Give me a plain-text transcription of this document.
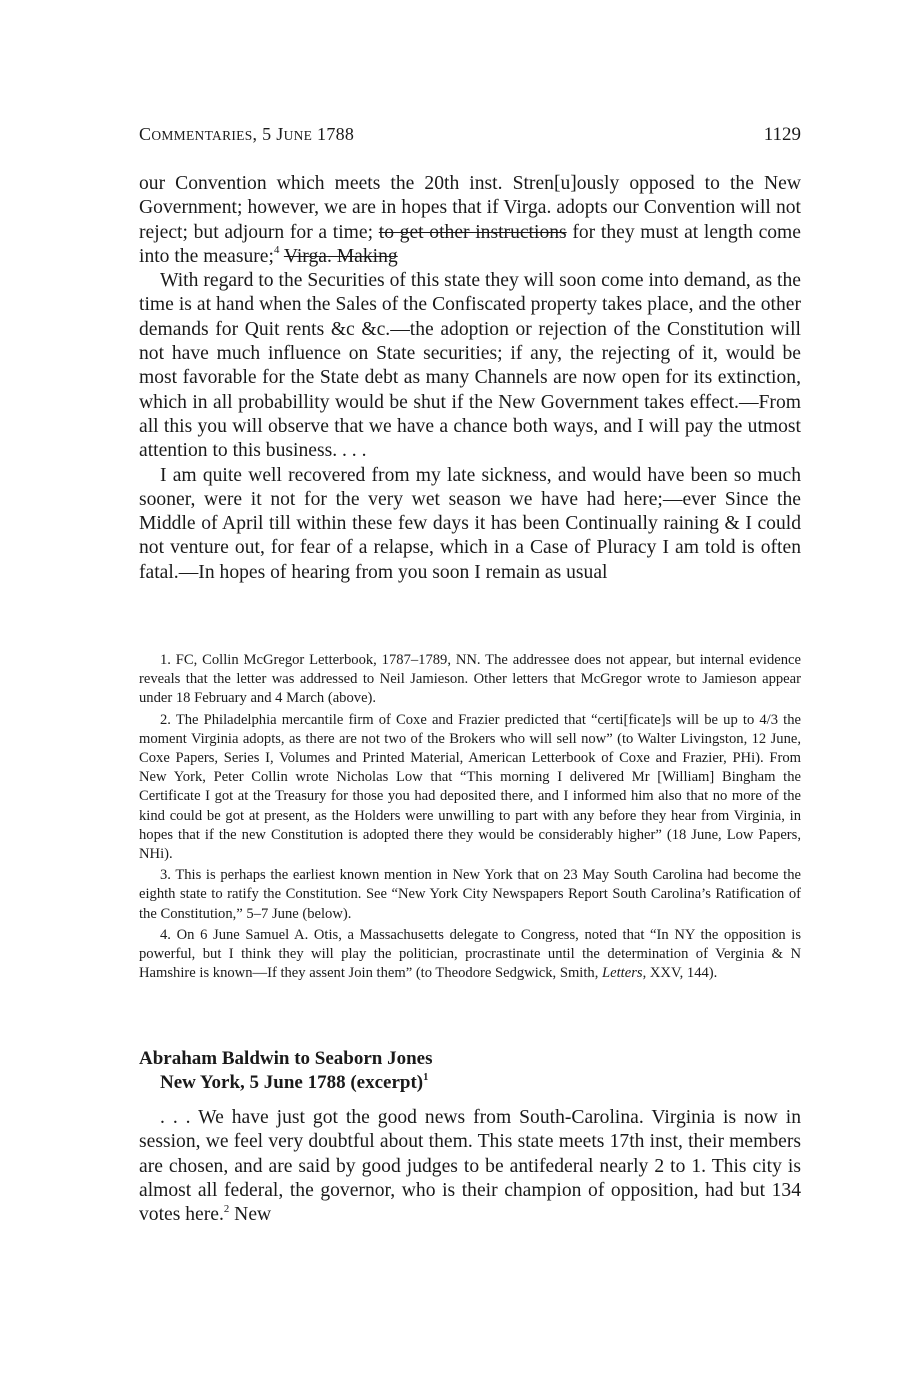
COMMENTARIES, 5 JUNE 1788	1129

our Convention which meets the 20th inst. Stren[u]ously opposed to the New Government; however, we are in hopes that if Virga. adopts our Convention will not reject; but adjourn for a time; to get other instructions for they must at length come into the measure;$^4$ Virga. Making

With regard to the Securities of this state they will soon come into demand, as the time is at hand when the Sales of the Confiscated property takes place, and the other demands for Quit rents &c &c.—the adoption or rejection of the Constitution will not have much influence on State securities; if any, the rejecting of it, would be most favorable for the State debt as many Channels are now open for its extinction, which in all probabillity would be shut if the New Government takes effect.—From all this you will observe that we have a chance both ways, and I will pay the utmost attention to this business. . . .

I am quite well recovered from my late sickness, and would have been so much sooner, were it not for the very wet season we have had here;—ever Since the Middle of April till within these few days it has been Continually raining & I could not venture out, for fear of a relapse, which in a Case of Pluracy I am told is often fatal.—In hopes of hearing from you soon I remain as usual

1. FC, Collin McGregor Letterbook, 1787–1789, NN. The addressee does not appear, but internal evidence reveals that the letter was addressed to Neil Jamieson. Other letters that McGregor wrote to Jamieson appear under 18 February and 4 March (above).

2. The Philadelphia mercantile firm of Coxe and Frazier predicted that “certi[ficate]s will be up to 4/3 the moment Virginia adopts, as there are not two of the Brokers who will sell now” (to Walter Livingston, 12 June, Coxe Papers, Series I, Volumes and Printed Material, American Letterbook of Coxe and Frazier, PHi). From New York, Peter Collin wrote Nicholas Low that “This morning I delivered Mr [William] Bingham the Certificate I got at the Treasury for those you had deposited there, and I informed him also that no more of the kind could be got at present, as the Holders were unwilling to part with any before they hear from Virginia, in hopes that if the new Constitution is adopted there they would be considerably higher” (18 June, Low Papers, NHi).

3. This is perhaps the earliest known mention in New York that on 23 May South Carolina had become the eighth state to ratify the Constitution. See “New York City Newspapers Report South Carolina’s Ratification of the Constitution,” 5–7 June (below).

4. On 6 June Samuel A. Otis, a Massachusetts delegate to Congress, noted that “In NY the opposition is powerful, but I think they will play the politician, procrastinate until the determination of Verginia & N Hamshire is known—If they assent Join them” (to Theodore Sedgwick, Smith, Letters, XXV, 144).

Abraham Baldwin to Seaborn Jones
New York, 5 June 1788 (excerpt)$^1$

. . . We have just got the good news from South-Carolina. Virginia is now in session, we feel very doubtful about them. This state meets 17th inst, their members are chosen, and are said by good judges to be antifederal nearly 2 to 1. This city is almost all federal, the governor, who is their champion of opposition, had but 134 votes here.$^2$ New
